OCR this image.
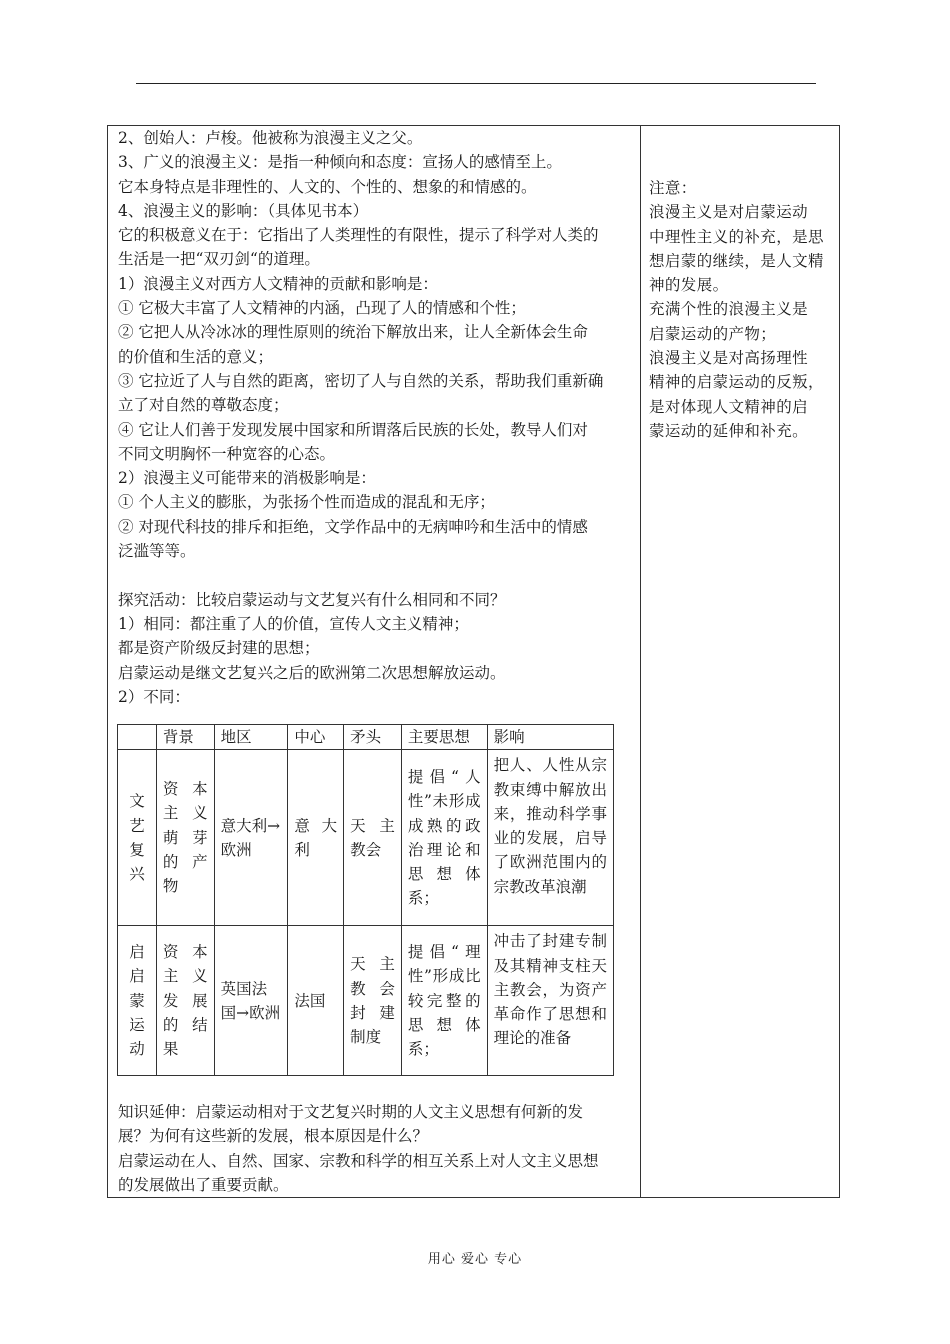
2、创始人：卢梭。他被称为浪漫主义之父。
3、广义的浪漫主义：是指一种倾向和态度：宣扬人的感情至上。
它本身特点是非理性的、人文的、个性的、想象的和情感的。
4、浪漫主义的影响：（具体见书本）
它的积极意义在于：它指出了人类理性的有限性，提示了科学对人类的
生活是一把“双刃剑“的道理。
1）浪漫主义对西方人文精神的贡献和影响是：
① 它极大丰富了人文精神的内涵，凸现了人的情感和个性；
② 它把人从冷冰冰的理性原则的统治下解放出来，让人全新体会生命
的价值和生活的意义；
③ 它拉近了人与自然的距离，密切了人与自然的关系，帮助我们重新确
立了对自然的尊敬态度；
④ 它让人们善于发现发展中国家和所谓落后民族的长处，教导人们对
不同文明胸怀一种宽容的心态。
2）浪漫主义可能带来的消极影响是：
① 个人主义的膨胀，为张扬个性而造成的混乱和无序；
② 对现代科技的排斥和拒绝，文学作品中的无病呻吟和生活中的情感
泛滥等等。
探究活动：比较启蒙运动与文艺复兴有什么相同和不同？
1）相同：都注重了人的价值，宣传人文主义精神；
都是资产阶级反封建的思想；
启蒙运动是继文艺复兴之后的欧洲第二次思想解放运动。
2）不同：
	背景	地区	中心	矛头	主要思想	影响
文艺复兴	资本主义萌芽的产物	意大利→欧洲	意大利	天主教会	提倡“人性”未形成成熟的政治理论和思想体系；	把人、人性从宗教束缚中解放出来，推动科学事业的发展，启导了欧洲范围内的宗教改革浪潮
启启蒙运动	资本主义发展的结果	英国法国→欧洲	法国	天主教会封建制度	提倡“理性”形成比较完整的思想体系；	冲击了封建专制及其精神支柱天主教会，为资产革命作了思想和理论的准备
知识延伸：启蒙运动相对于文艺复兴时期的人文主义思想有何新的发
展？为何有这些新的发展，根本原因是什么？
启蒙运动在人、自然、国家、宗教和科学的相互关系上对人文主义思想
的发展做出了重要贡献。
注意：
浪漫主义是对启蒙运动
中理性主义的补充，是思
想启蒙的继续，是人文精
神的发展。
充满个性的浪漫主义是
启蒙运动的产物；
浪漫主义是对高扬理性
精神的启蒙运动的反叛，
是对体现人文精神的启
蒙运动的延伸和补充。
用心 爱心 专心
